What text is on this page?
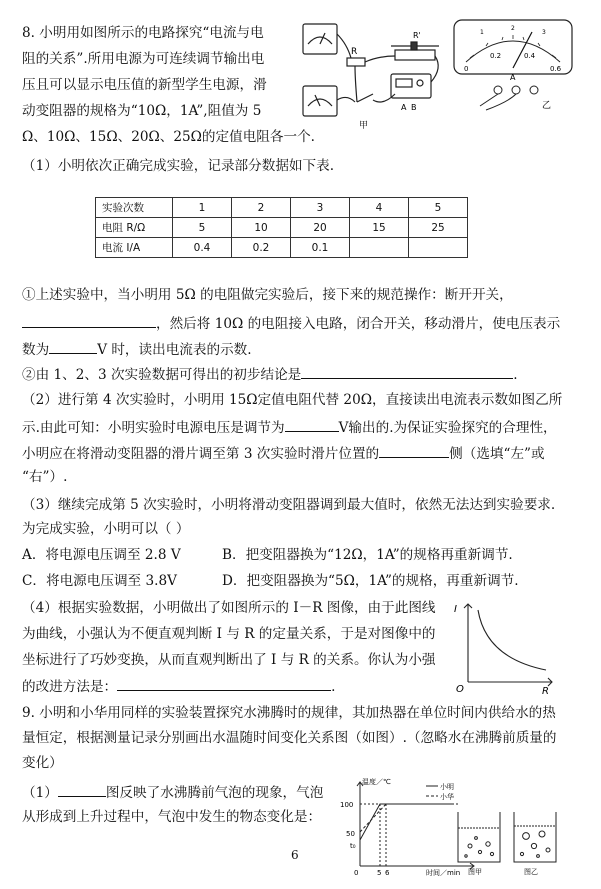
8. 小明用如图所示的电路探究“电流与电
阻的关系”.所用电源为可连续调节输出电
压且可以显示电压值的新型学生电源，滑
动变阻器的规格为“10Ω，1A”,阻值为 5
Ω、10Ω、15Ω、20Ω、25Ω的定值电阻各一个.
（1）小明依次正确完成实验，记录部分数据如下表.
R
R'
A B
甲
0
0.2	0.4
0.6
1
2
3
A
乙
实验次数	1	2	3	4	5
电阻 R/Ω	5	10	20	15	25
电流 I/A	0.4	0.2	0.1		
①上述实验中，当小明用 5Ω 的电阻做完实验后，接下来的规范操作：断开开关，
，然后将 10Ω 的电阻接入电路，闭合开关，移动滑片，使电压表示
数为	V 时，读出电流表的示数.
②由 1、2、3 次实验数据可得出的初步结论是	.
（2）进行第 4 次实验时，小明用 15Ω定值电阻代替 20Ω，直接读出电流表示数如图乙所
示.由此可知：小明实验时电源电压是调节为	V输出的.为保证实验探究的合理性，
小明应在将滑动变阻器的滑片调至第 3 次实验时滑片位置的	侧（选填“左”或
“右”）.
（3）继续完成第 5 次实验时，小明将滑动变阻器调到最大值时，依然无法达到实验要求.
为完成实验，小明可以（ ）
A．将电源电压调至 2.8 V	B．把变阻器换为“12Ω，1A”的规格再重新调节.
C．将电源电压调至 3.8V	D．把变阻器换为“5Ω，1A”的规格，再重新调节.
（4）根据实验数据，小明做出了如图所示的 I－R 图像，由于此图线
为曲线，小强认为不便直观判断 I 与 R 的定量关系，于是对图像中的
坐标进行了巧妙变换，从而直观判断出了 I 与 R 的关系。你认为小强
的改进方法是：	.
I
R
O
9. 小明和小华用同样的实验装置探究水沸腾时的规律，其加热器在单位时间内供给水的热
量恒定，根据测量记录分别画出水温随时间变化关系图（如图）.（忽略水在沸腾前质量的
变化）
（1）	图反映了水沸腾前气泡的现象，气泡
从形成到上升过程中，气泡中发生的物态变化是：
温度／℃
小明
小华
100
50
t₀
0	5 6	时间／min 图甲	图乙
6
